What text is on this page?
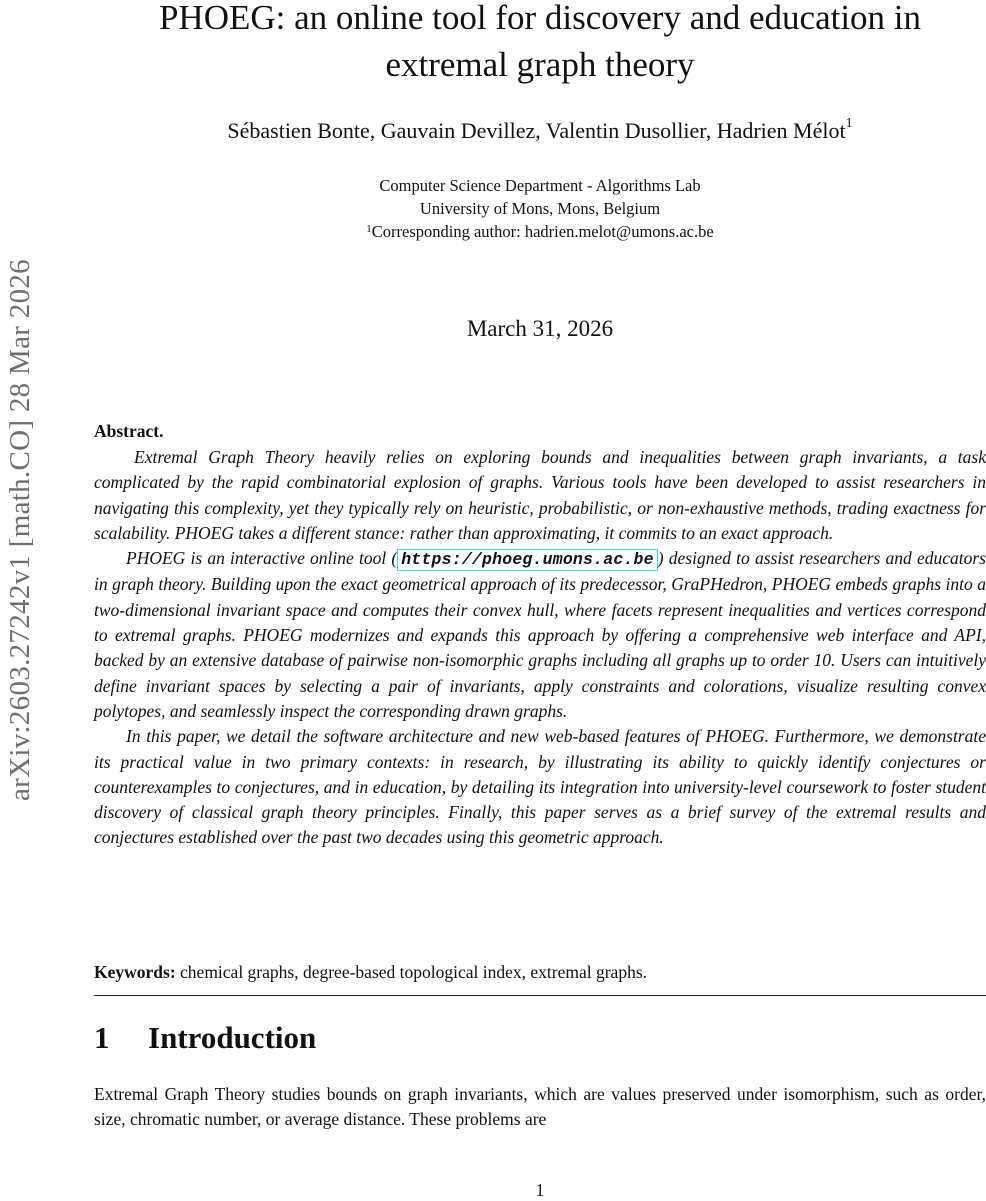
arXiv:2603.27242v1 [math.CO] 28 Mar 2026
PHOEG: an online tool for discovery and education in
extremal graph theory
Sébastien Bonte, Gauvain Devillez, Valentin Dusollier, Hadrien Mélot$^1$
Computer Science Department - Algorithms Lab
University of Mons, Mons, Belgium
$^1$Corresponding author: hadrien.melot@umons.ac.be
March 31, 2026
Abstract.

Extremal Graph Theory heavily relies on exploring bounds and inequalities between graph invariants, a task complicated by the rapid combinatorial explosion of graphs. Various tools have been developed to assist researchers in navigating this complexity, yet they typically rely on heuristic, probabilistic, or non-exhaustive methods, trading exactness for scalability. PHOEG takes a different stance: rather than approximating, it commits to an exact approach.

PHOEG is an interactive online tool ( https://phoeg.umons.ac.be ) designed to assist researchers and educators in graph theory. Building upon the exact geometrical approach of its predecessor, GraPHedron, PHOEG embeds graphs into a two-dimensional invariant space and computes their convex hull, where facets represent inequalities and vertices correspond to extremal graphs. PHOEG modernizes and expands this approach by offering a comprehensive web interface and API, backed by an extensive database of pairwise non-isomorphic graphs including all graphs up to order 10. Users can intuitively define invariant spaces by selecting a pair of invariants, apply constraints and colorations, visualize resulting convex polytopes, and seamlessly inspect the corresponding drawn graphs.

In this paper, we detail the software architecture and new web-based features of PHOEG. Furthermore, we demonstrate its practical value in two primary contexts: in research, by illustrating its ability to quickly identify conjectures or counterexamples to conjectures, and in education, by detailing its integration into university-level coursework to foster student discovery of classical graph theory principles. Finally, this paper serves as a brief survey of the extremal results and conjectures established over the past two decades using this geometric approach.

Keywords: chemical graphs, degree-based topological index, extremal graphs.
1 Introduction

Extremal Graph Theory studies bounds on graph invariants, which are values preserved under isomorphism, such as order, size, chromatic number, or average distance. These problems are

1
